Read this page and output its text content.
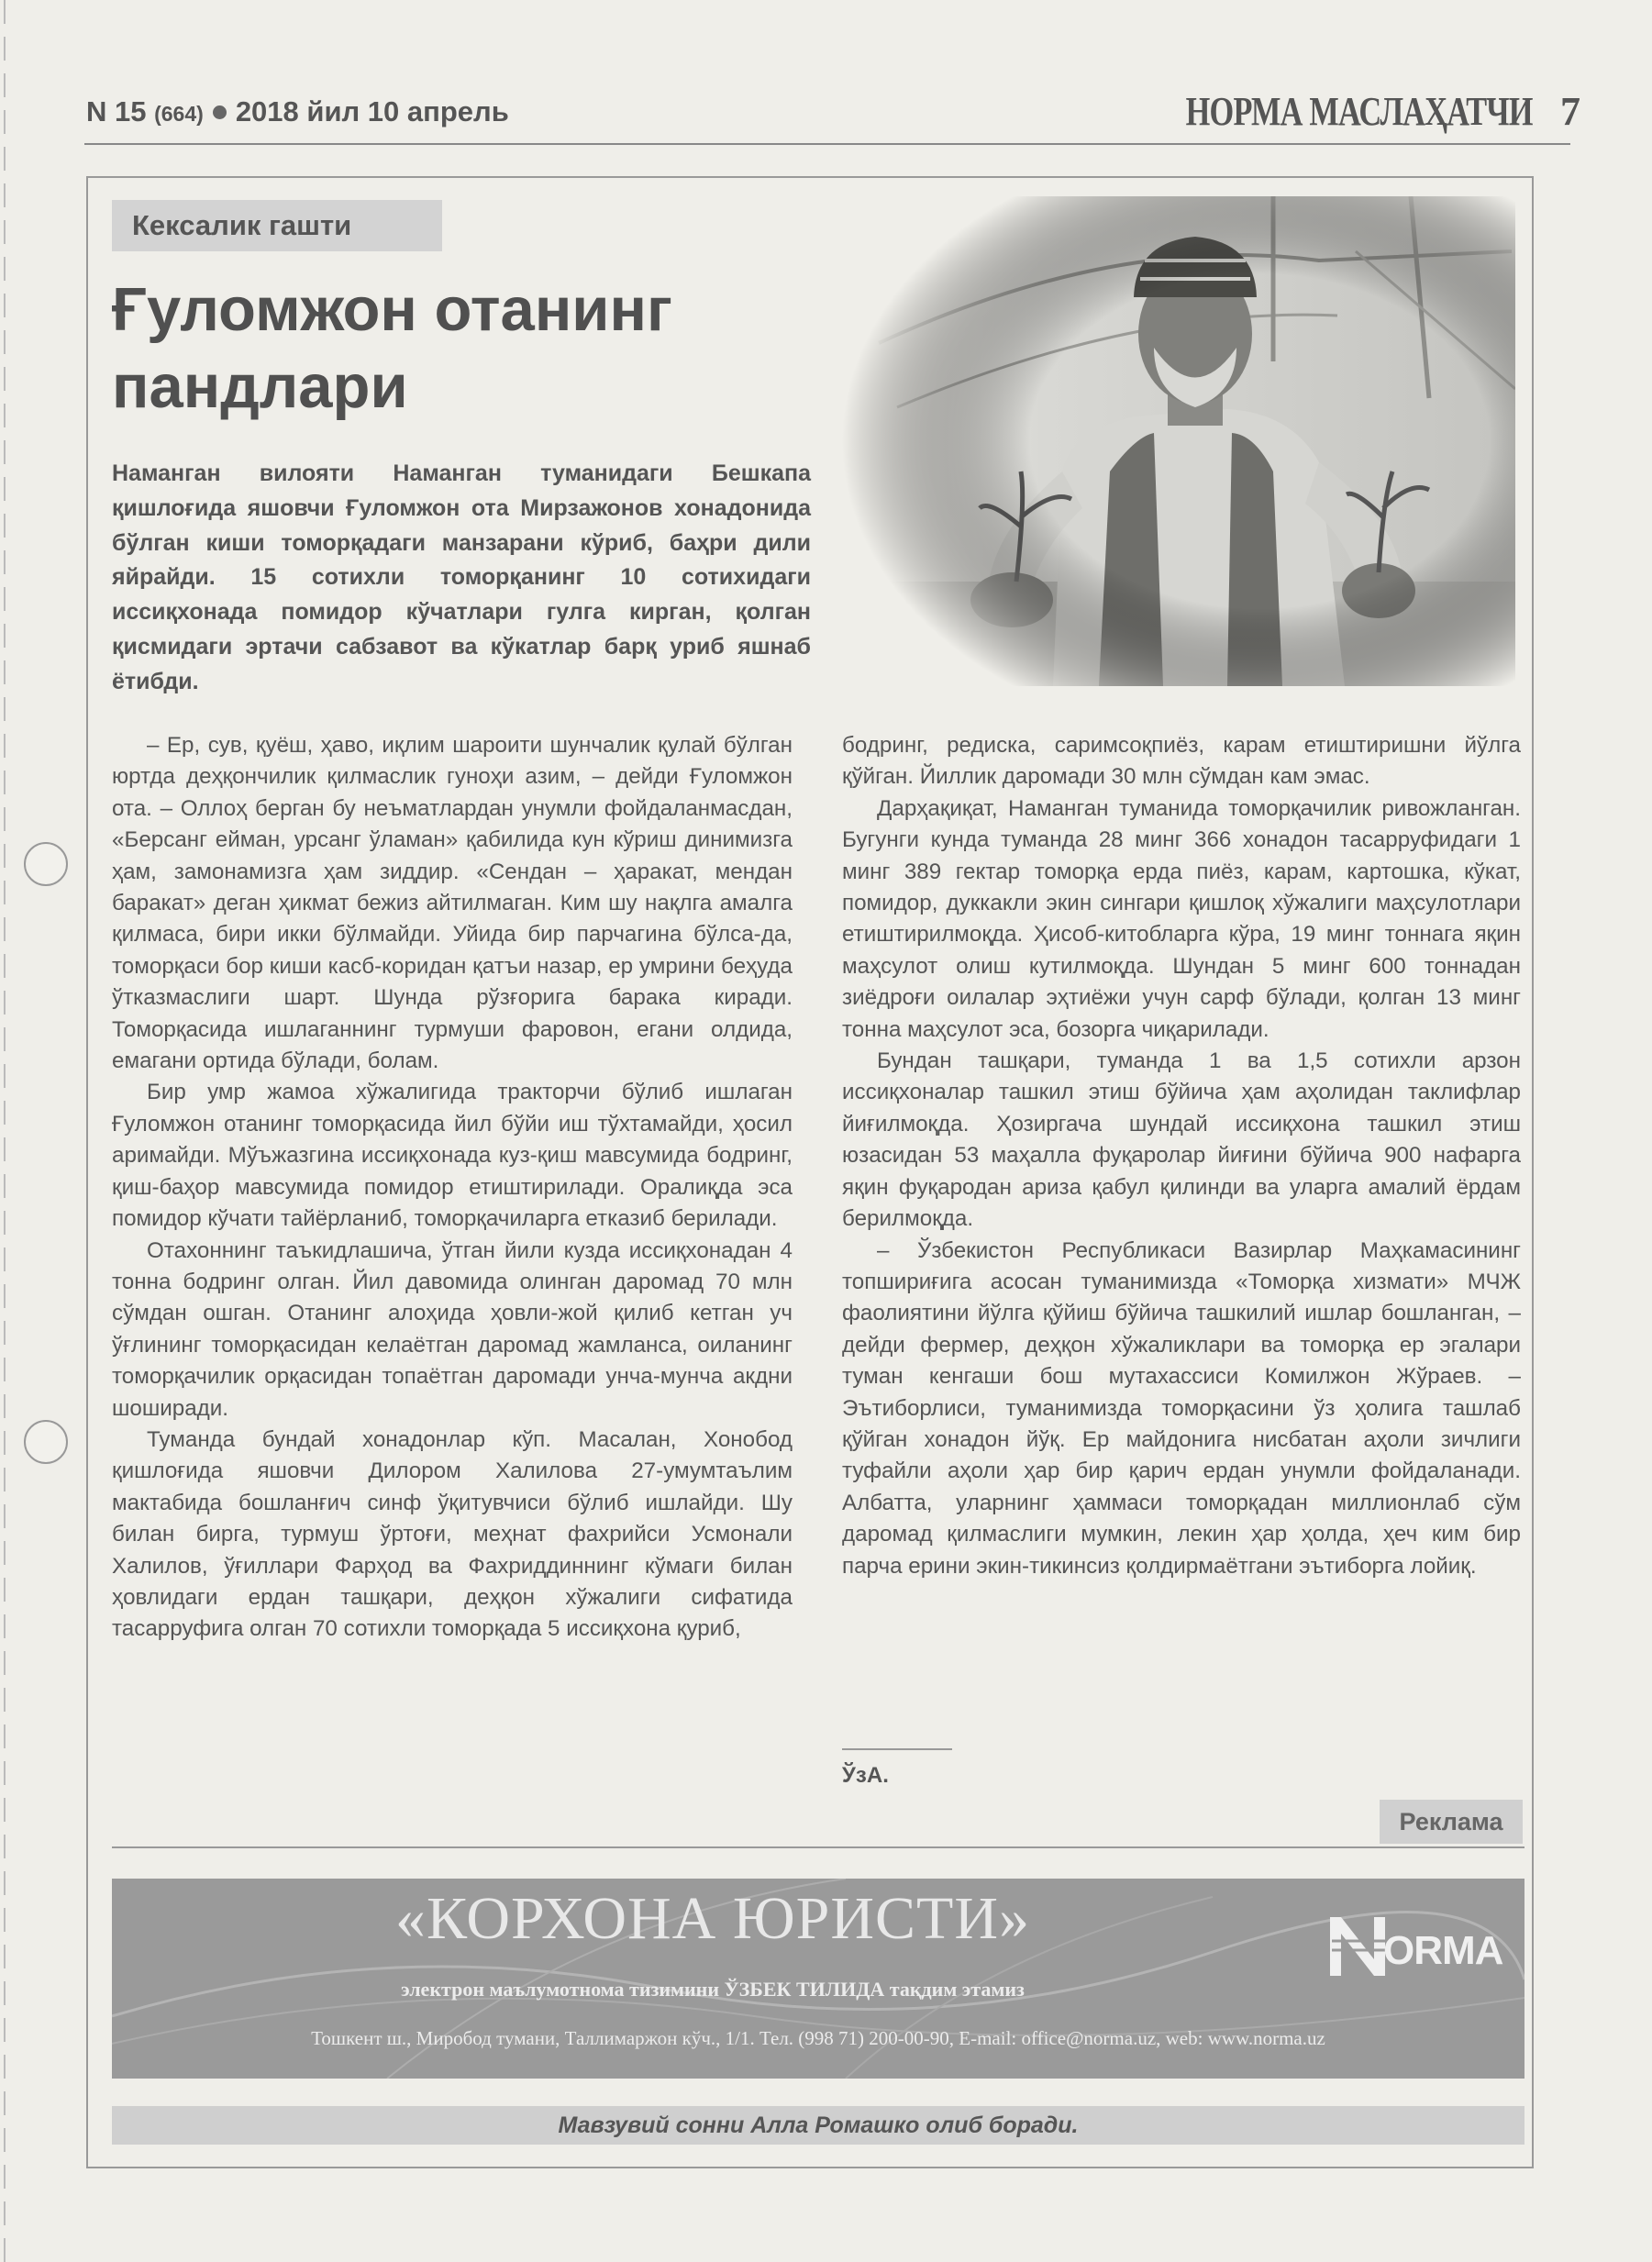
N 15 (664) 2018 йил 10 апрель	НОРМА МАСЛАҲАТЧИ 7
Кексалик гашти
Ғуломжон отанинг
пандлари
Наманган вилояти Наманган туманидаги Бешкапа қишлоғида яшовчи Ғуломжон ота Мирзажонов хонадонида бўлган киши томорқадаги манзарани кўриб, баҳри дили яйрайди. 15 сотихли томорқанинг 10 сотихидаги иссиқхонада помидор кўчатлари гулга кирган, қолган қисмидаги эртачи сабзавот ва кўкатлар барқ уриб яшнаб ётибди.

– Ер, сув, қуёш, ҳаво, иқлим шароити шунчалик қулай бўлган юртда деҳқончилик қилмаслик гуноҳи азим, – дейди Ғуломжон ота. – Оллоҳ берган бу неъматлардан унумли фойдаланмасдан, «Берсанг еймaн, урсанг ўламан» қабилида кун кўриш динимизга ҳам, замонамизга ҳам зиддир. «Сендан – ҳаракат, мендан баракат» деган ҳикмат бежиз айтилмаган. Ким шу нақлга амалга қилмаса, бири икки бўлмайди. Уйида бир парчагина бўлса-да, томорқаси бор киши касб-коридан қатъи назар, ер умрини беҳуда ўтказмаслиги шарт. Шунда рўзғорига барака киради. Томорқасида ишлаганнинг турмуши фаровон, егани олдида, емагани ортида бўлади, болам.

Бир умр жамоа хўжалигида тракторчи бўлиб ишлаган Ғуломжон отанинг томорқасида йил бўйи иш тўхтамайди, ҳосил аримайди. Мўъжазгина иссиқхонада куз-қиш мавсумида бодринг, қиш-баҳор мавсумида помидор етиштирилади. Оралиқда эса помидор кўчати тайёрланиб, томорқачиларга етказиб берилади.

Отахоннинг таъкидлашича, ўтган йили кузда иссиқхонадан 4 тонна бодринг олган. Йил давомида олинган даромад 70 млн сўмдан ошган. Отанинг алоҳида ҳовли-жой қилиб кетган уч ўғлининг томорқасидан келаётган даромад жамланса, оиланинг томорқачилик орқасидан топаётган даромади унча-мунча акдни шоширади.

Туманда бундай хонадонлар кўп. Масалан, Хонобод қишлоғида яшовчи Дилором Халилова 27-умумтаълим мактабида бошланғич синф ўқитувчиси бўлиб ишлайди. Шу билан бирга, турмуш ўртоғи, меҳнат фахрийси Усмонали Халилов, ўғиллари Фарҳод ва Фахриддиннинг кўмаги билан ҳовлидаги ердан ташқари, деҳқон хўжалиги сифатида тасарруфига олган 70 сотихли томорқада 5 иссиқхона қуриб,

бодринг, редиска, саримсоқпиёз, карам етиштиришни йўлга қўйган. Йиллик даромади 30 млн сўмдан кам эмас.

Дарҳақиқат, Наманган туманида томорқачилик ривожланган. Бугунги кунда туманда 28 минг 366 хонадон тасарруфидаги 1 минг 389 гектар томорқа ерда пиёз, карам, картошка, кўкат, помидор, дуккакли экин сингари қишлоқ хўжалиги маҳсулотлари етиштирилмоқда. Ҳисоб-китобларга кўра, 19 минг тоннага яқин маҳсулот олиш кутилмоқда. Шундан 5 минг 600 тоннадан зиёдроғи оилалар эҳтиёжи учун сарф бўлади, қолган 13 минг тонна маҳсулот эса, бозорга чиқарилади.

Бундан ташқари, туманда 1 ва 1,5 сотихли арзон иссиқхоналар ташкил этиш бўйича ҳам аҳолидан таклифлар йиғилмоқда. Ҳозиргача шундай иссиқхона ташкил этиш юзасидан 53 маҳалла фуқаролар йиғини бўйича 900 нафарга яқин фуқародан ариза қабул қилинди ва уларга амалий ёрдам берилмоқда.

– Ўзбекистон Республикаси Вазирлар Маҳкамасининг топшириғига асосан туманимизда «Томорқа хизмати» МЧЖ фаолиятини йўлга қўйиш бўйича ташкилий ишлар бошланган, – дейди фермер, деҳқон хўжаликлари ва томорқа ер эгалари туман кенгаши бош мутахассиси Комилжон Жўраев. – Эътиборлиси, туманимизда томорқасини ўз ҳолига ташлаб қўйган хонадон йўқ. Ер майдонига нисбатан аҳоли зичлиги туфайли аҳоли ҳар бир қарич ердан унумли фойдаланади. Албатта, уларнинг ҳаммаси томорқадан миллионлаб сўм даромад қилмаслиги мумкин, лекин ҳар ҳолда, ҳеч ким бир парча ерини экин-тикинсиз қолдирмаётгани эътиборга лойиқ.

ЎзА.
Реклама
«КОРХОНА ЮРИСТИ»
электрон маълумотнома тизимини ЎЗБЕК ТИЛИДА тақдим этамиз
Тошкент ш., Миробод тумани, Таллимаржон кўч., 1/1. Тел. (998 71) 200-00-90, E-mail: office@norma.uz, web: www.norma.uz
ORMA
Мавзувий сонни Алла Ромашко олиб боради.
